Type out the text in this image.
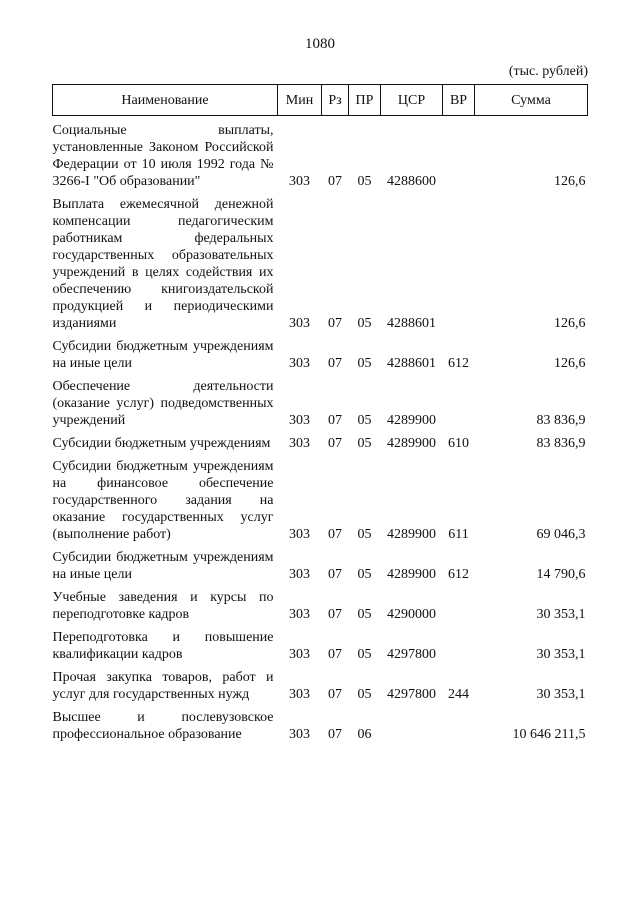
1080
(тыс. рублей)
Наименование	Мин	Рз	ПР	ЦСР	ВР	Сумма
Социальные выплаты, установленные Законом Российской Федерации от 10 июля 1992 года № 3266-I "Об образовании"	303	07	05	4288600		126,6
Выплата ежемесячной денежной компенсации педагогическим работникам федеральных государственных образовательных учреждений в целях содействия их обеспечению книгоиздательской продукцией и периодическими изданиями	303	07	05	4288601		126,6
Субсидии бюджетным учреждениям на иные цели	303	07	05	4288601	612	126,6
Обеспечение деятельности (оказание услуг) подведомственных учреждений	303	07	05	4289900		83 836,9
Субсидии бюджетным учреждениям	303	07	05	4289900	610	83 836,9
Субсидии бюджетным учреждениям на финансовое обеспечение государственного задания на оказание государственных услуг (выполнение работ)	303	07	05	4289900	611	69 046,3
Субсидии бюджетным учреждениям на иные цели	303	07	05	4289900	612	14 790,6
Учебные заведения и курсы по переподготовке кадров	303	07	05	4290000		30 353,1
Переподготовка и повышение квалификации кадров	303	07	05	4297800		30 353,1
Прочая закупка товаров, работ и услуг для государственных нужд	303	07	05	4297800	244	30 353,1
Высшее и послевузовское профессиональное образование	303	07	06			10 646 211,5
